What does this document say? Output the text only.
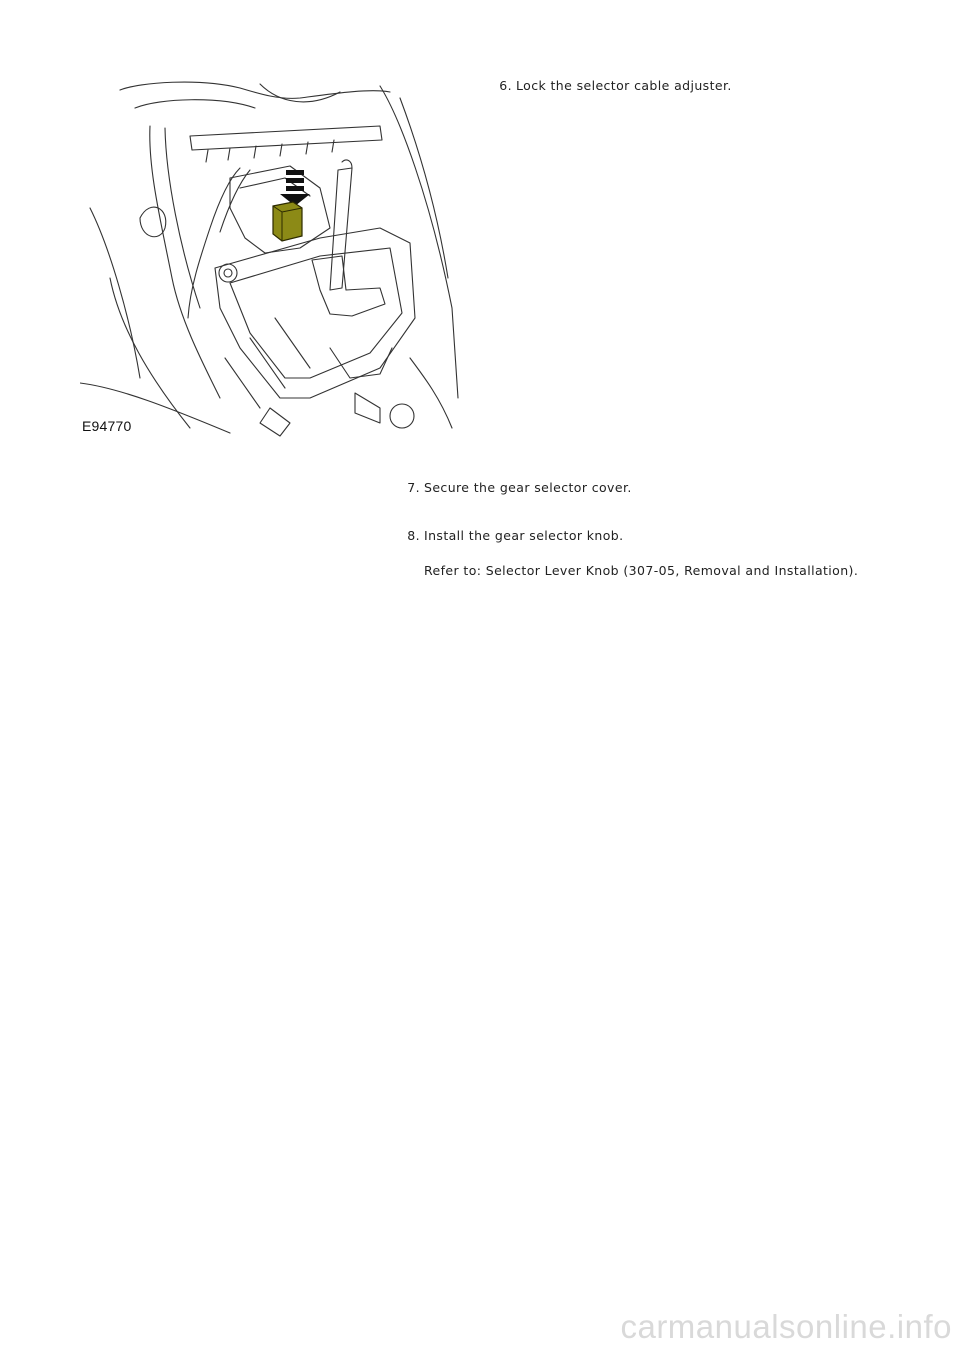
6. Lock the selector cable adjuster.
E94770
7. Secure the gear selector cover.
8. Install the gear selector knob.
Refer to: Selector Lever Knob (307-05, Removal and Installation).
carmanualsonline.info
